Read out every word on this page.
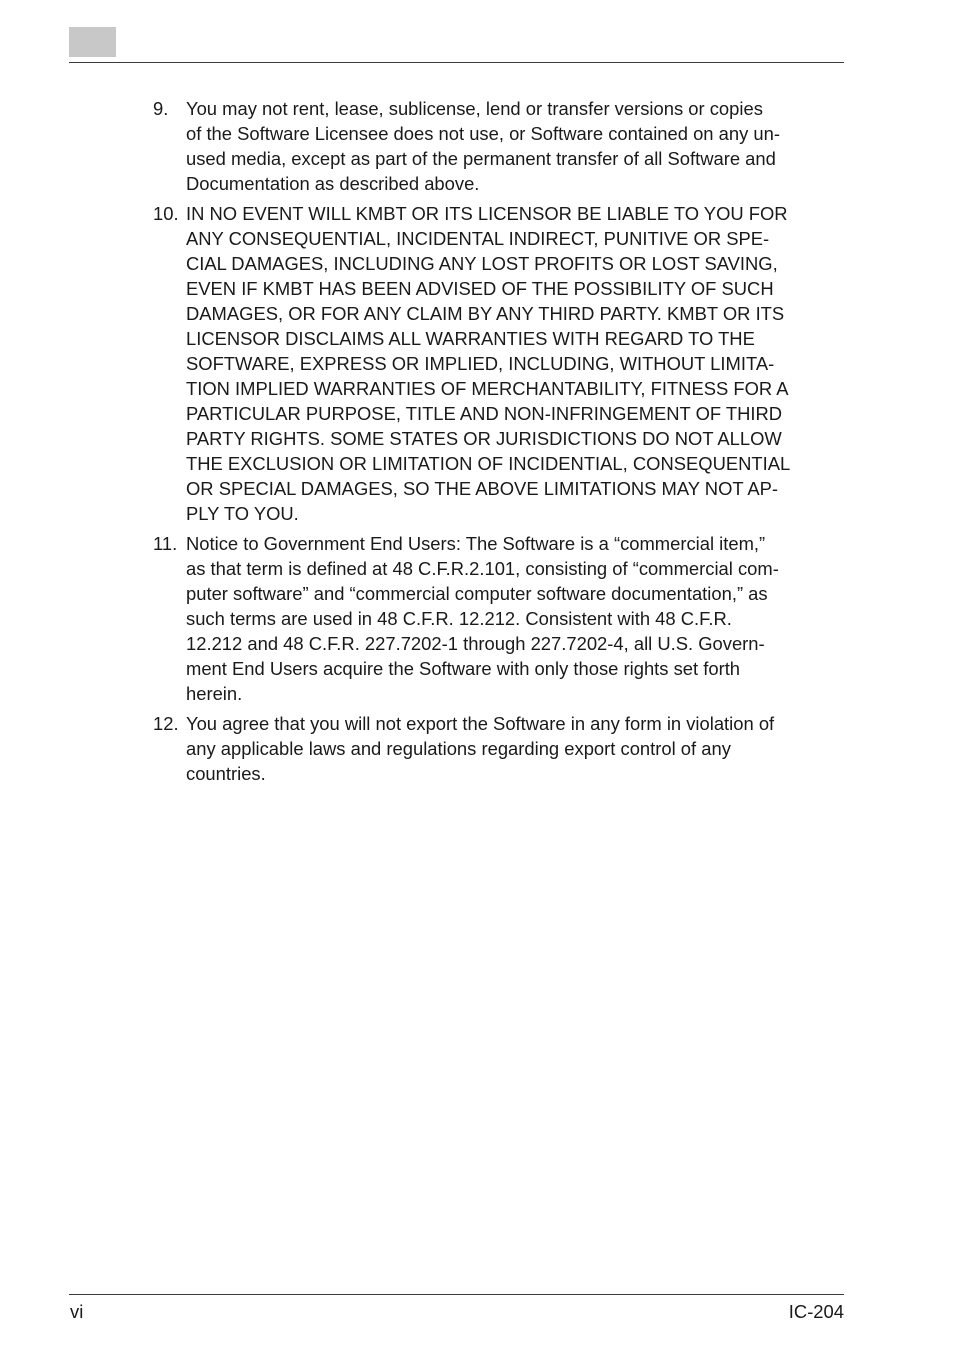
9. You may not rent, lease, sublicense, lend or transfer versions or copies
of the Software Licensee does not use, or Software contained on any un-
used media, except as part of the permanent transfer of all Software and
Documentation as described above.
10. IN NO EVENT WILL KMBT OR ITS LICENSOR BE LIABLE TO YOU FOR
ANY CONSEQUENTIAL, INCIDENTAL INDIRECT, PUNITIVE OR SPE-
CIAL DAMAGES, INCLUDING ANY LOST PROFITS OR LOST SAVING,
EVEN IF KMBT HAS BEEN ADVISED OF THE POSSIBILITY OF SUCH
DAMAGES, OR FOR ANY CLAIM BY ANY THIRD PARTY. KMBT OR ITS
LICENSOR DISCLAIMS ALL WARRANTIES WITH REGARD TO THE
SOFTWARE, EXPRESS OR IMPLIED, INCLUDING, WITHOUT LIMITA-
TION IMPLIED WARRANTIES OF MERCHANTABILITY, FITNESS FOR A
PARTICULAR PURPOSE, TITLE AND NON-INFRINGEMENT OF THIRD
PARTY RIGHTS. SOME STATES OR JURISDICTIONS DO NOT ALLOW
THE EXCLUSION OR LIMITATION OF INCIDENTIAL, CONSEQUENTIAL
OR SPECIAL DAMAGES, SO THE ABOVE LIMITATIONS MAY NOT AP-
PLY TO YOU.
11. Notice to Government End Users: The Software is a “commercial item,”
as that term is defined at 48 C.F.R.2.101, consisting of “commercial com-
puter software” and “commercial computer software documentation,” as
such terms are used in 48 C.F.R. 12.212. Consistent with 48 C.F.R.
12.212 and 48 C.F.R. 227.7202-1 through 227.7202-4, all U.S. Govern-
ment End Users acquire the Software with only those rights set forth
herein.
12. You agree that you will not export the Software in any form in violation of
any applicable laws and regulations regarding export control of any
countries.
vi	IC-204
